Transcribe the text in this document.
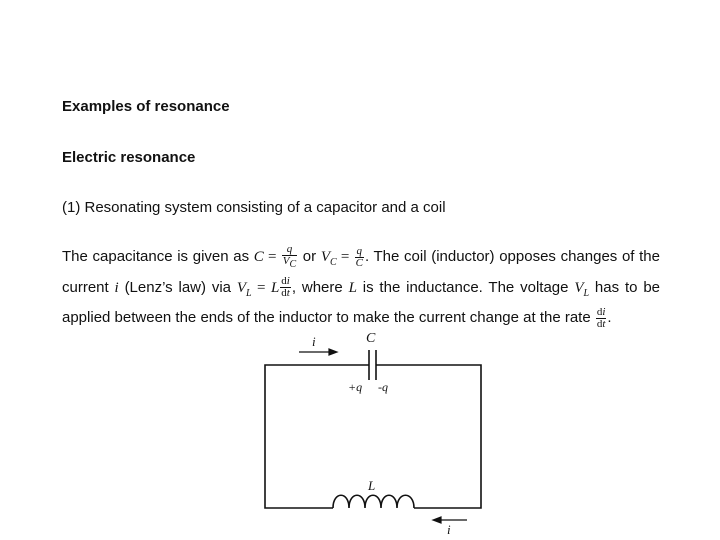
Examples of resonance
Electric resonance

(1) Resonating system consisting of a capacitor and a coil

The capacitance is given as $C = \frac{q}{V_C}$ or $V_C = \frac{q}{C}$ . The coil (inductor) opposes changes of the current i (Lenz’s law) via $V_L = L \frac{di}{dt}$ , where L is the inductance. The voltage $V_L$ has to be applied between the ends of the inductor to make the current change at the rate $\frac{di}{dt}$ .

i	C
+q -q
L
i
